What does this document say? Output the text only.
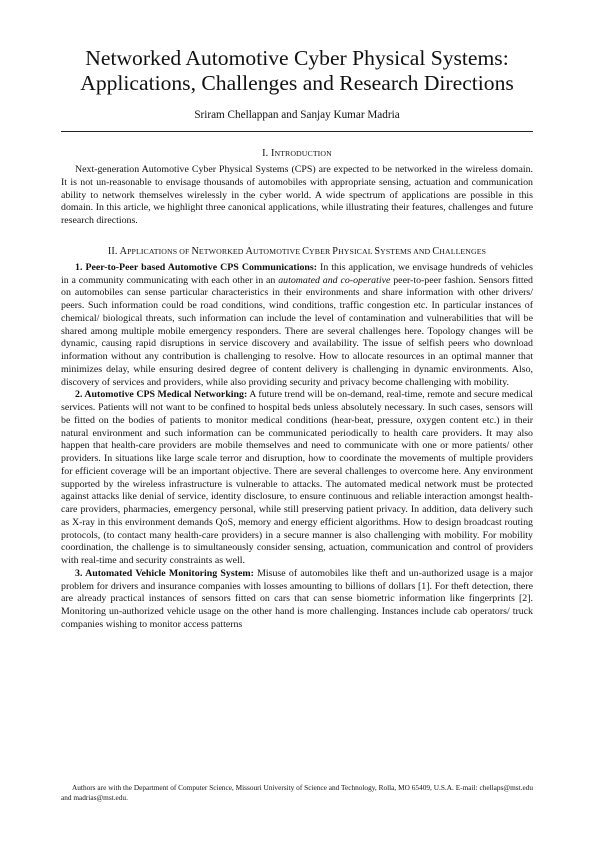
Networked Automotive Cyber Physical Systems:
Applications, Challenges and Research Directions
Sriram Chellappan and Sanjay Kumar Madria
I. INTRODUCTION

Next-generation Automotive Cyber Physical Systems (CPS) are expected to be networked in the wireless domain. It is not un-reasonable to envisage thousands of automobiles with appropriate sensing, actuation and communication ability to network themselves wirelessly in the cyber world. A wide spectrum of applications are possible in this domain. In this article, we highlight three canonical applications, while illustrating their features, challenges and future research directions.

II. APPLICATIONS OF NETWORKED AUTOMOTIVE CYBER PHYSICAL SYSTEMS AND CHALLENGES

1. Peer-to-Peer based Automotive CPS Communications: In this application, we envisage hundreds of vehicles in a community communicating with each other in an automated and co-operative peer-to-peer fashion. Sensors fitted on automobiles can sense particular characteristics in their environments and share information with other drivers/ peers. Such information could be road conditions, wind conditions, traffic congestion etc. In particular instances of chemical/ biological threats, such information can include the level of contamination and vulnerabilities that will be shared among multiple mobile emergency responders. There are several challenges here. Topology changes will be dynamic, causing rapid disruptions in service discovery and availability. The issue of selfish peers who download information without any contribution is challenging to resolve. How to allocate resources in an optimal manner that minimizes delay, while ensuring desired degree of content delivery is challenging in dynamic environments. Also, discovery of services and providers, while also providing security and privacy become challenging with mobility.

2. Automotive CPS Medical Networking: A future trend will be on-demand, real-time, remote and secure medical services. Patients will not want to be confined to hospital beds unless absolutely necessary. In such cases, sensors will be fitted on the bodies of patients to monitor medical conditions (hear-beat, pressure, oxygen content etc.) in their natural environment and such information can be communicated periodically to health care providers. It may also happen that health-care providers are mobile themselves and need to communicate with one or more patients/ other providers. In situations like large scale terror and disruption, how to coordinate the movements of multiple providers for efficient coverage will be an important objective. There are several challenges to overcome here. Any environment supported by the wireless infrastructure is vulnerable to attacks. The automated medical network must be protected against attacks like denial of service, identity disclosure, to ensure continuous and reliable interaction amongst health-care providers, pharmacies, emergency personal, while still preserving patient privacy. In addition, data delivery such as X-ray in this environment demands QoS, memory and energy efficient algorithms. How to design broadcast routing protocols, (to contact many health-care providers) in a secure manner is also challenging with mobility. For mobility coordination, the challenge is to simultaneously consider sensing, actuation, communication and control of providers with real-time and security constraints as well.

3. Automated Vehicle Monitoring System: Misuse of automobiles like theft and un-authorized usage is a major problem for drivers and insurance companies with losses amounting to billions of dollars [1]. For theft detection, there are already practical instances of sensors fitted on cars that can sense biometric information like fingerprints [2]. Monitoring un-authorized vehicle usage on the other hand is more challenging. Instances include cab operators/ truck companies wishing to monitor access patterns

Authors are with the Department of Computer Science, Missouri University of Science and Technology, Rolla, MO 65409, U.S.A. E-mail: chellaps@mst.edu and madrias@mst.edu.
